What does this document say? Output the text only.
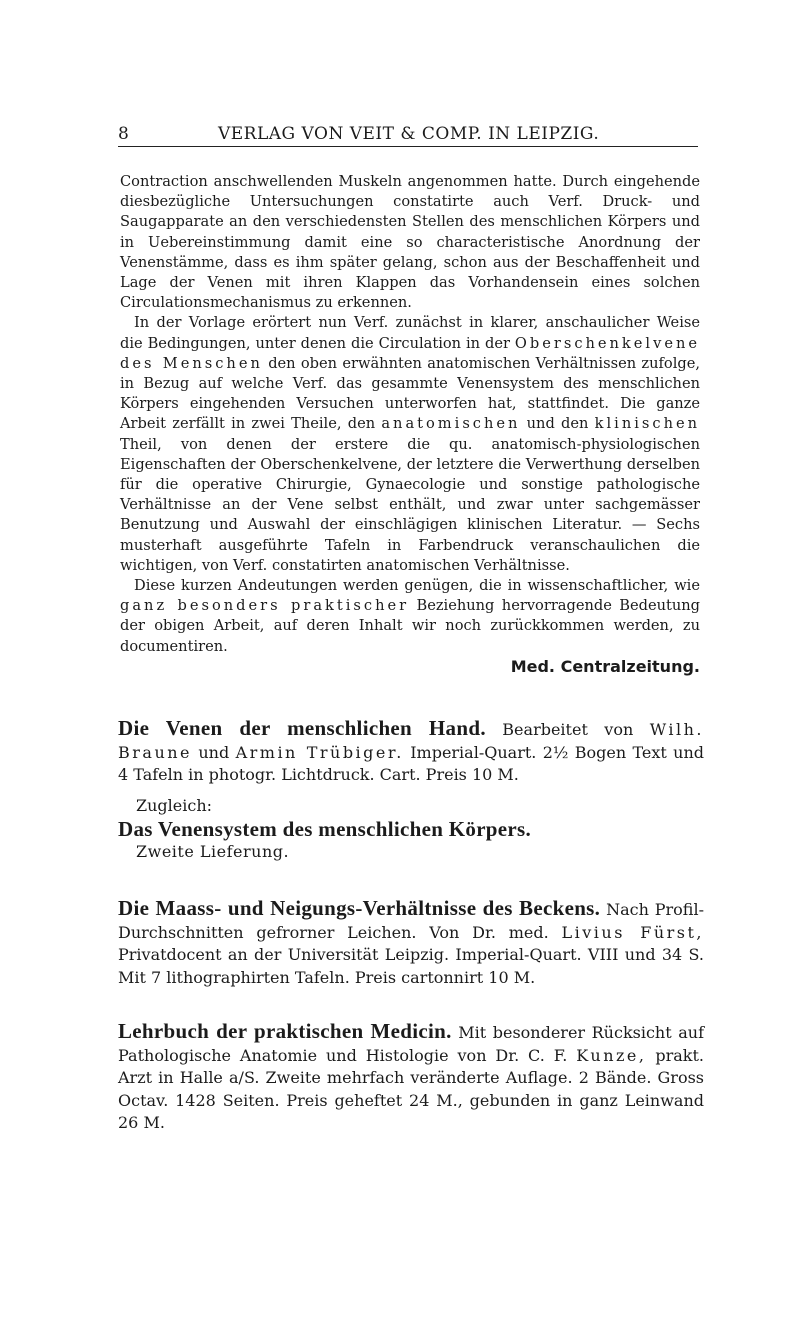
8	VERLAG VON VEIT & COMP. IN LEIPZIG.

Contraction anschwellenden Muskeln angenommen hatte. Durch eingehende diesbezügliche Untersuchungen constatirte auch Verf. Druck- und Saugapparate an den verschiedensten Stellen des menschlichen Körpers und in Uebereinstimmung damit eine so characteristische Anordnung der Venenstämme, dass es ihm später gelang, schon aus der Beschaffenheit und Lage der Venen mit ihren Klappen das Vorhandensein eines solchen Circulationsmechanismus zu erkennen.

In der Vorlage erörtert nun Verf. zunächst in klarer, anschaulicher Weise die Bedingungen, unter denen die Circulation in der Oberschenkelvene des Menschen den oben erwähnten anatomischen Verhältnissen zufolge, in Bezug auf welche Verf. das gesammte Venensystem des menschlichen Körpers eingehenden Versuchen unterworfen hat, stattfindet. Die ganze Arbeit zerfällt in zwei Theile, den anatomischen und den klinischen Theil, von denen der erstere die qu. anatomisch-physiologischen Eigenschaften der Oberschenkelvene, der letztere die Verwerthung derselben für die operative Chirurgie, Gynaecologie und sonstige pathologische Verhältnisse an der Vene selbst enthält, und zwar unter sachgemässer Benutzung und Auswahl der einschlägigen klinischen Literatur. — Sechs musterhaft ausgeführte Tafeln in Farbendruck veranschaulichen die wichtigen, von Verf. constatirten anatomischen Verhältnisse.

Diese kurzen Andeutungen werden genügen, die in wissenschaftlicher, wie ganz besonders praktischer Beziehung hervorragende Bedeutung der obigen Arbeit, auf deren Inhalt wir noch zurückkommen werden, zu documentiren.

Med. Centralzeitung.
Die Venen der menschlichen Hand. Bearbeitet von Wilh. Braune und Armin Trübiger. Imperial-Quart. 2½ Bogen Text und 4 Tafeln in photogr. Lichtdruck. Cart. Preis 10 M.
Zugleich:
Das Venensystem des menschlichen Körpers.
Zweite Lieferung.
Die Maass- und Neigungs-Verhältnisse des Beckens. Nach Profil-Durchschnitten gefrorner Leichen. Von Dr. med. Livius Fürst, Privatdocent an der Universität Leipzig. Imperial-Quart. VIII und 34 S. Mit 7 lithographirten Tafeln. Preis cartonnirt 10 M.
Lehrbuch der praktischen Medicin. Mit besonderer Rücksicht auf Pathologische Anatomie und Histologie von Dr. C. F. Kunze, prakt. Arzt in Halle a/S. Zweite mehrfach veränderte Auflage. 2 Bände. Gross Octav. 1428 Seiten. Preis geheftet 24 M., gebunden in ganz Leinwand 26 M.
